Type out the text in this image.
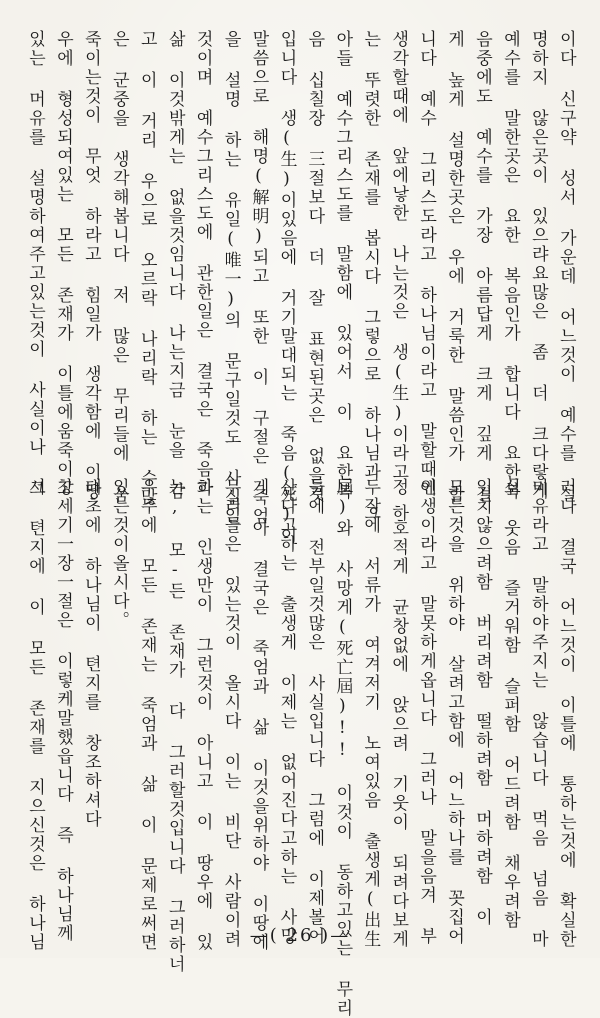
이다 신구약 성서 가운데 어느것이 예수를 설
명하지 않은곳이 있으랴요많은 좀 더 크다랗게
예수를 말한곳은 요한 복음인가 합니다 요한복
음중에도 예수를 가장 아름답게 크게 깊게 길
게 높게 설명한곳은 우에 거룩한 말씀인가 함
니다 예수 그리스도라고 하나님이라고 말할때에
생각할때에 앞에낳한 나는것은 생(生)이라고 하
는 뚜렷한 존재를 봅시다 그렇으로 하나님과 그
아들 예수그리스도를 말함에 있어서 이 요한복
음 십칠장 三절보다 더 잘 표현된곳은 없을것
입니다 생(生)이있음에 거기말대되는 죽음(死)이
말씀으로 해명(解明)되고 또한 이 구절은 죽엄
을 설명 하는 유일(唯一)의 문구일것도 사실일
것이며 예수그리스도에 관한일은 결국은 죽음과
삶 이것밖게는 없을것임니다 나는지금 눈을 감
고 이 거리 우으로 오르락 나리락 하는 수많
은 군중을 생각해봅니다 저 많은 무리들에 움
죽이는것이 무엇 하라고 힘일가 생각함에 이땅
우에 형성되여있는 모든 존재가 이틀에움죽이고
있는 머유를 설명하여주고있는것이 사실이나 그
러나 결국 어느것이 이틀에 통하는것에 확실한
미유라고 말하야주지는 않습니다 먹음 넘음 마
심 웃음 즐거워함 슬퍼함 어드려함 채우려함
입치않으려함 버리려함 떨하려함 머하려함 이
모든것을 위하야 살려고함에 어느하나를 꼿집어
인생이라고 말못하게옵니다 그러나 말을음겨 부
정 호적게 균창없에 앉으려 기웃이 되려다보게
두장에 서류가 여겨저기 노여있음 출생게(出生
屆)와 사망게(死亡屆)!! 이것이 동하고있는 무리
들에 전부일것많은 사실입니다 그럼에 이제볼어
산다고하는 출생게 이제는 없어진다고하는 사망
게 아 결국은 죽엄과 삶 이것을위하야 이땅에
무리들은 있는것이 올시다 이는 비단 사람이려
하는 인생만이 그런것이 아니고 이 땅우에 있
는, 모-든 존재가 다 그러할것입니다 그러하너
우주에 모든 존재는 죽엄과 삶 이 문제로써면
있는것이올시다。
태초에 하나님이 텬지를 창조하셔다
창세기一장一절은 이렇케말했읍니다 즉 하나님께
서 텬지에 이 모든 존재를 지으신것은 하나님	—( 26 )—
